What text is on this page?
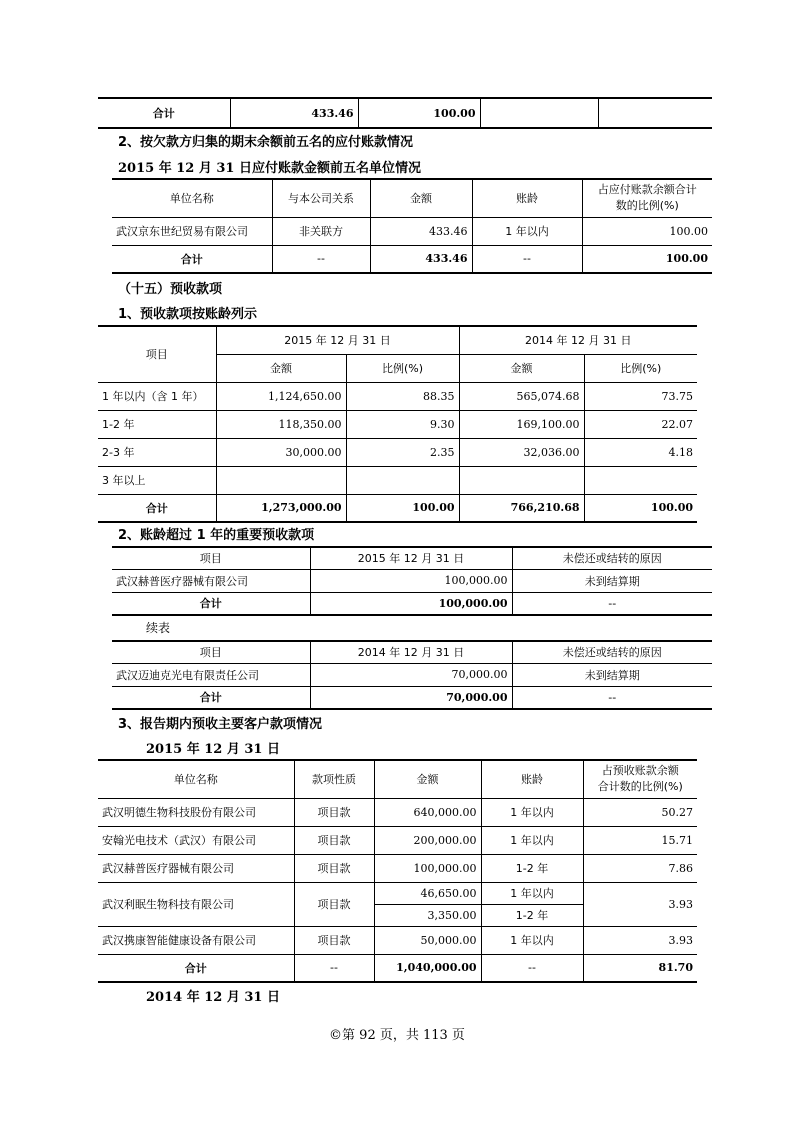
合计	433.46	100.00		
2、按欠款方归集的期末余额前五名的应付账款情况
2015 年 12 月 31 日应付账款金额前五名单位情况
单位名称	与本公司关系	金额	账龄	占应付账款余额合计
数的比例(%)

武汉京东世纪贸易有限公司	非关联方	433.46	1 年以内	100.00
合计	--	433.46	--	100.00
（十五）预收款项
1、预收款项按账龄列示
项目	2015 年 12 月 31 日		2014 年 12 月 31 日	
	金额	比例(%)	金额	比例(%)
1 年以内（含 1 年）	1,124,650.00	88.35	565,074.68	73.75
1-2 年	118,350.00	9.30	169,100.00	22.07
2-3 年	30,000.00	2.35	32,036.00	4.18
3 年以上				
合计	1,273,000.00	100.00	766,210.68	100.00
2、账龄超过 1 年的重要预收款项
项目	2015 年 12 月 31 日	未偿还或结转的原因
武汉赫普医疗器械有限公司	100,000.00	未到结算期
合计	100,000.00	--
续表
项目	2014 年 12 月 31 日	未偿还或结转的原因
武汉迈迪克光电有限责任公司	70,000.00	未到结算期
合计	70,000.00	--
3、报告期内预收主要客户款项情况
2015 年 12 月 31 日
单位名称	款项性质	金额	账龄	占预收账款余额
合计数的比例(%)

武汉明德生物科技股份有限公司	项目款	640,000.00	1 年以内	50.27
安翰光电技术（武汉）有限公司	项目款	200,000.00	1 年以内	15.71
武汉赫普医疗器械有限公司	项目款	100,000.00	1-2 年	7.86
武汉利眠生物科技有限公司	项目款	46,650.00	1 年以内	3.93
		3,350.00	1-2 年	
武汉携康智能健康设备有限公司	项目款	50,000.00	1 年以内	3.93
合计	--	1,040,000.00	--	81.70
2014 年 12 月 31 日
©第 92 页，共 113 页
